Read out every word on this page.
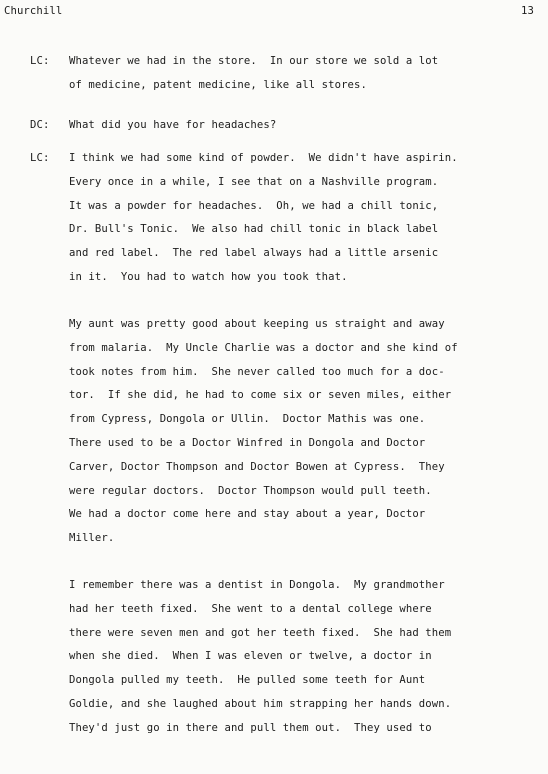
Churchill	13
LC: Whatever we had in the store.  In our store we sold a lot
of medicine, patent medicine, like all stores.
DC: What did you have for headaches?
LC: I think we had some kind of powder.  We didn't have aspirin.
Every once in a while, I see that on a Nashville program.
It was a powder for headaches.  Oh, we had a chill tonic,
Dr. Bull's Tonic.  We also had chill tonic in black label
and red label.  The red label always had a little arsenic
in it.  You had to watch how you took that.
My aunt was pretty good about keeping us straight and away
from malaria.  My Uncle Charlie was a doctor and she kind of
took notes from him.  She never called too much for a doc-
tor.  If she did, he had to come six or seven miles, either
from Cypress, Dongola or Ullin.  Doctor Mathis was one.
There used to be a Doctor Winfred in Dongola and Doctor
Carver, Doctor Thompson and Doctor Bowen at Cypress.  They
were regular doctors.  Doctor Thompson would pull teeth.
We had a doctor come here and stay about a year, Doctor
Miller.
I remember there was a dentist in Dongola.  My grandmother
had her teeth fixed.  She went to a dental college where
there were seven men and got her teeth fixed.  She had them
when she died.  When I was eleven or twelve, a doctor in
Dongola pulled my teeth.  He pulled some teeth for Aunt
Goldie, and she laughed about him strapping her hands down.
They'd just go in there and pull them out.  They used to
